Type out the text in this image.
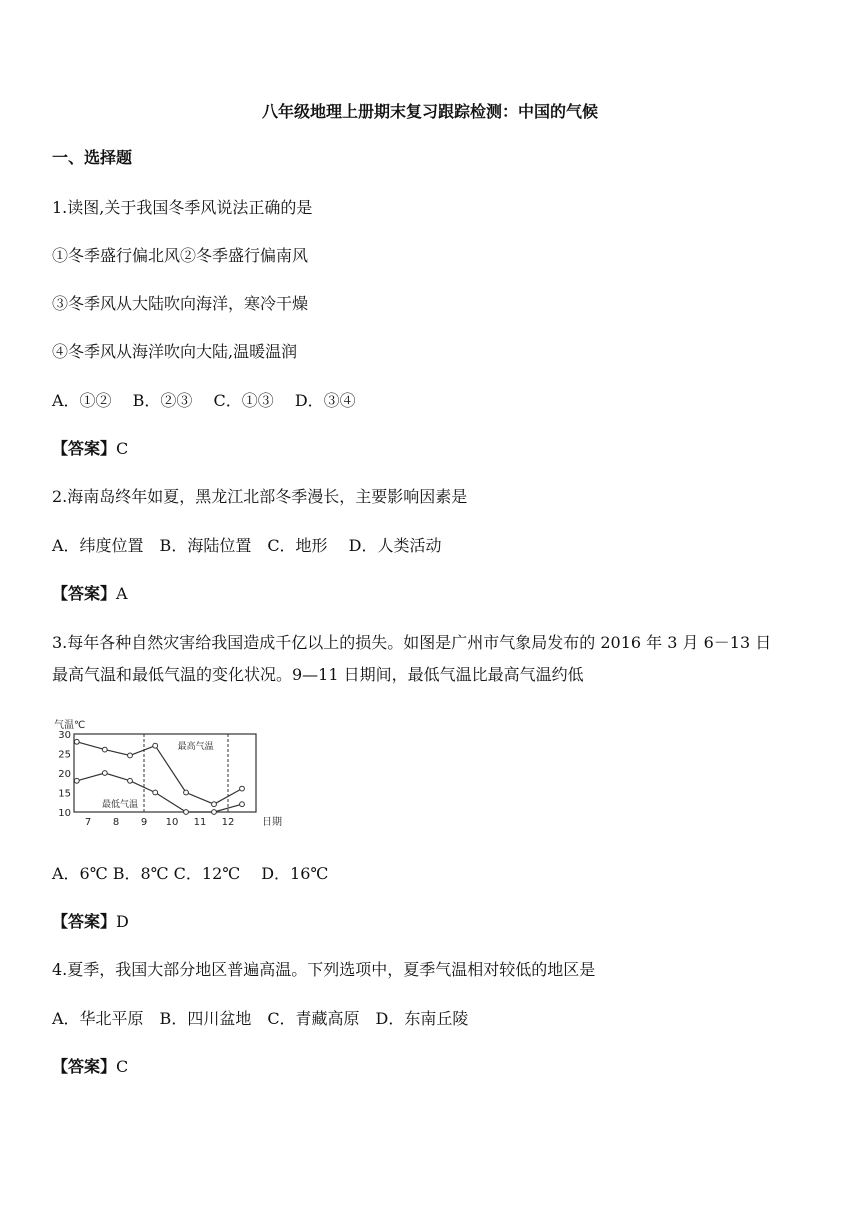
八年级地理上册期末复习跟踪检测：中国的气候
一、选择题
1.读图,关于我国冬季风说法正确的是
①冬季盛行偏北风②冬季盛行偏南风
③冬季风从大陆吹向海洋，寒冷干燥
④冬季风从海洋吹向大陆,温暖温润
A．①②　 B．②③　 C．①③　 D．③④
【答案】C
2.海南岛终年如夏，黑龙江北部冬季漫长，主要影响因素是
A．纬度位置　B．海陆位置　C．地形　 D．人类活动
【答案】A
3.每年各种自然灾害给我国造成千亿以上的损失。如图是广州市气象局发布的 2016 年 3 月 6－13 日
最高气温和最低气温的变化状况。9—11 日期间，最低气温比最高气温约低
气温℃
30
25
20
15
10
7 8 9 10 11 12	日期
最高气温
最低气温
A．6℃ B．8℃ C．12℃　 D．16℃
【答案】D
4.夏季，我国大部分地区普遍高温。下列选项中，夏季气温相对较低的地区是
A．华北平原　B．四川盆地　C．青藏高原　D．东南丘陵
【答案】C
